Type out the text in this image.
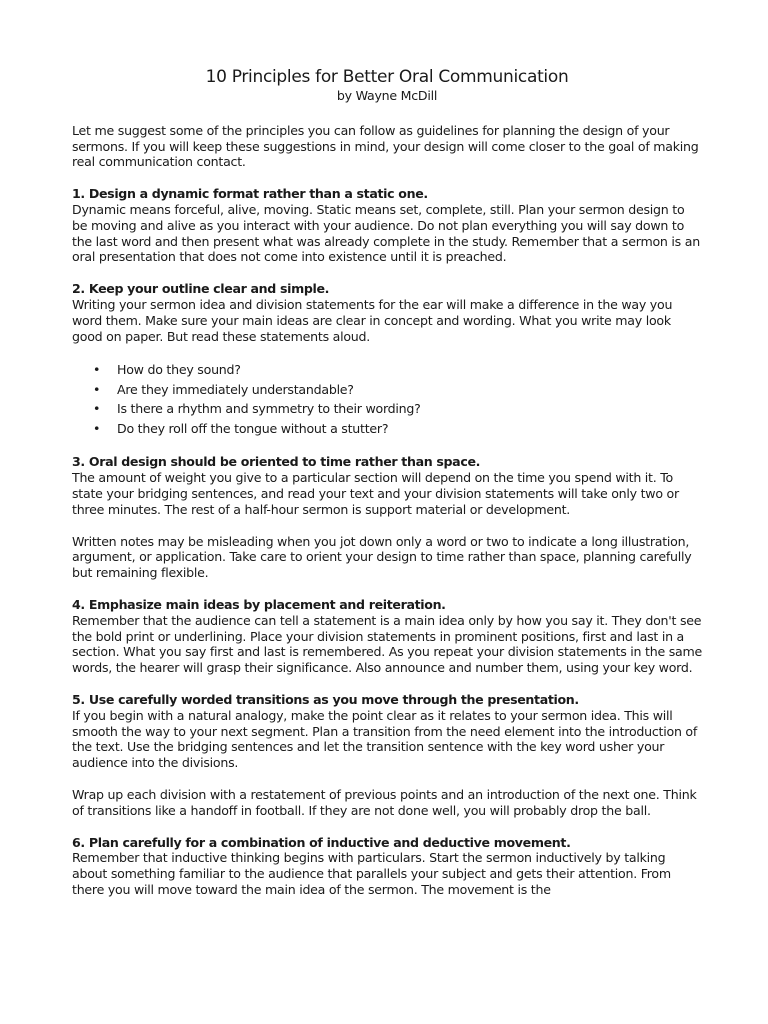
10 Principles for Better Oral Communication

by Wayne McDill

Let me suggest some of the principles you can follow as guidelines for planning the design of your sermons. If you will keep these suggestions in mind, your design will come closer to the goal of making real communication contact.

1. Design a dynamic format rather than a static one.

Dynamic means forceful, alive, moving. Static means set, complete, still. Plan your sermon design to be moving and alive as you interact with your audience. Do not plan everything you will say down to the last word and then present what was already complete in the study. Remember that a sermon is an oral presentation that does not come into existence until it is preached.

2. Keep your outline clear and simple.

Writing your sermon idea and division statements for the ear will make a difference in the way you word them. Make sure your main ideas are clear in concept and wording. What you write may look good on paper. But read these statements aloud.

• How do they sound?
• Are they immediately understandable?
• Is there a rhythm and symmetry to their wording?
• Do they roll off the tongue without a stutter?

3. Oral design should be oriented to time rather than space.

The amount of weight you give to a particular section will depend on the time you spend with it. To state your bridging sentences, and read your text and your division statements will take only two or three minutes. The rest of a half-hour sermon is support material or development.

Written notes may be misleading when you jot down only a word or two to indicate a long illustration, argument, or application. Take care to orient your design to time rather than space, planning carefully but remaining flexible.

4. Emphasize main ideas by placement and reiteration.

Remember that the audience can tell a statement is a main idea only by how you say it. They don't see the bold print or underlining. Place your division statements in prominent positions, first and last in a section. What you say first and last is remembered. As you repeat your division statements in the same words, the hearer will grasp their significance. Also announce and number them, using your key word.

5. Use carefully worded transitions as you move through the presentation.

If you begin with a natural analogy, make the point clear as it relates to your sermon idea. This will smooth the way to your next segment. Plan a transition from the need element into the introduction of the text. Use the bridging sentences and let the transition sentence with the key word usher your audience into the divisions.

Wrap up each division with a restatement of previous points and an introduction of the next one. Think of transitions like a handoff in football. If they are not done well, you will probably drop the ball.

6. Plan carefully for a combination of inductive and deductive movement.

Remember that inductive thinking begins with particulars. Start the sermon inductively by talking about something familiar to the audience that parallels your subject and gets their attention. From there you will move toward the main idea of the sermon. The movement is the
